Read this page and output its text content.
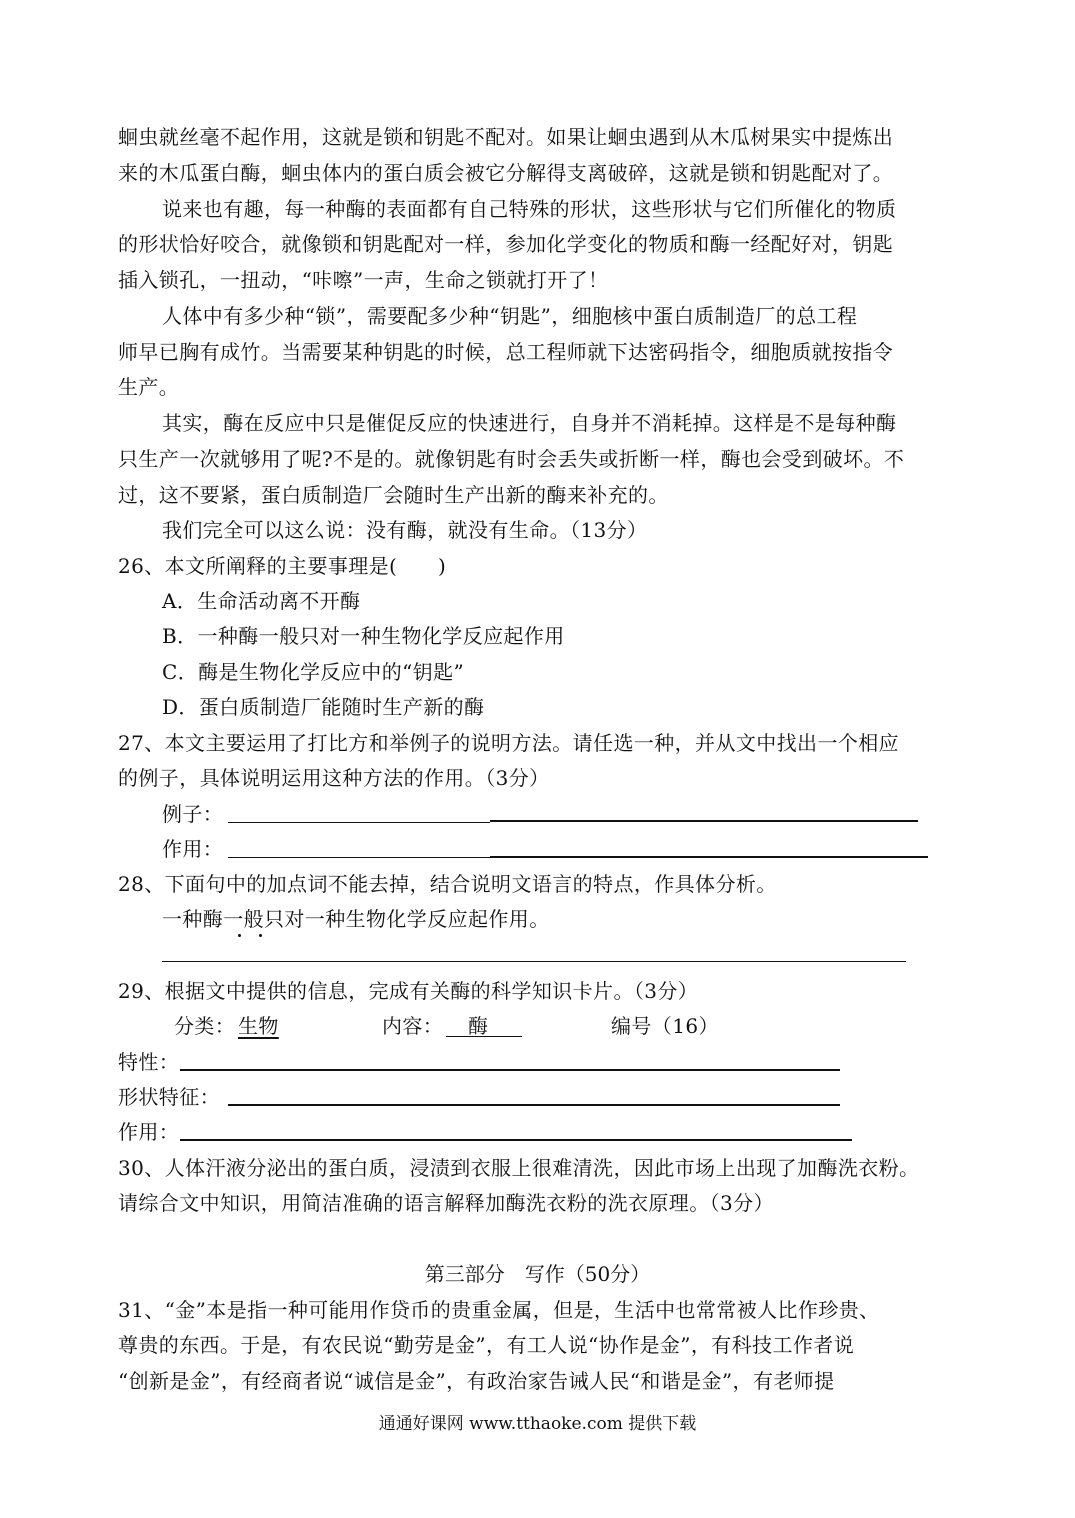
蛔虫就丝毫不起作用，这就是锁和钥匙不配对。如果让蛔虫遇到从木瓜树果实中提炼出
来的木瓜蛋白酶，蛔虫体内的蛋白质会被它分解得支离破碎，这就是锁和钥匙配对了。
说来也有趣，每一种酶的表面都有自己特殊的形状，这些形状与它们所催化的物质
的形状恰好咬合，就像锁和钥匙配对一样，参加化学变化的物质和酶一经配好对，钥匙
插入锁孔，一扭动，“咔嚓”一声，生命之锁就打开了！
人体中有多少种“锁”，需要配多少种“钥匙”，细胞核中蛋白质制造厂的总工程
师早已胸有成竹。当需要某种钥匙的时候，总工程师就下达密码指令，细胞质就按指令
生产。
其实，酶在反应中只是催促反应的快速进行，自身并不消耗掉。这样是不是每种酶
只生产一次就够用了呢?不是的。就像钥匙有时会丢失或折断一样，酶也会受到破坏。不
过，这不要紧，蛋白质制造厂会随时生产出新的酶来补充的。
我们完全可以这么说：没有酶，就没有生命。（13分）
26、本文所阐释的主要事理是(　　)
A．生命活动离不开酶
B．一种酶一般只对一种生物化学反应起作用
C．酶是生物化学反应中的“钥匙”
D．蛋白质制造厂能随时生产新的酶
27、本文主要运用了打比方和举例子的说明方法。请任选一种，并从文中找出一个相应
的例子，具体说明运用这种方法的作用。（3分）
例子：
作用：
28、下面句中的加点词不能去掉，结合说明文语言的特点，作具体分析。
一种酶一般只对一种生物化学反应起作用。
29、根据文中提供的信息，完成有关酶的科学知识卡片。（3分）
分类： 生物	内容： 酶	编号（16）
特性：
形状特征：
作用：
30、人体汗液分泌出的蛋白质，浸渍到衣服上很难清洗，因此市场上出现了加酶洗衣粉。
请综合文中知识，用简洁准确的语言解释加酶洗衣粉的洗衣原理。（3分）
第三部分　写作（50分）
31、“金”本是指一种可能用作贷币的贵重金属，但是，生活中也常常被人比作珍贵、
尊贵的东西。于是，有农民说“勤劳是金”，有工人说“协作是金”，有科技工作者说
“创新是金”，有经商者说“诚信是金”，有政治家告诫人民“和谐是金”，有老师提
通通好课网 www.tthaoke.com 提供下载
